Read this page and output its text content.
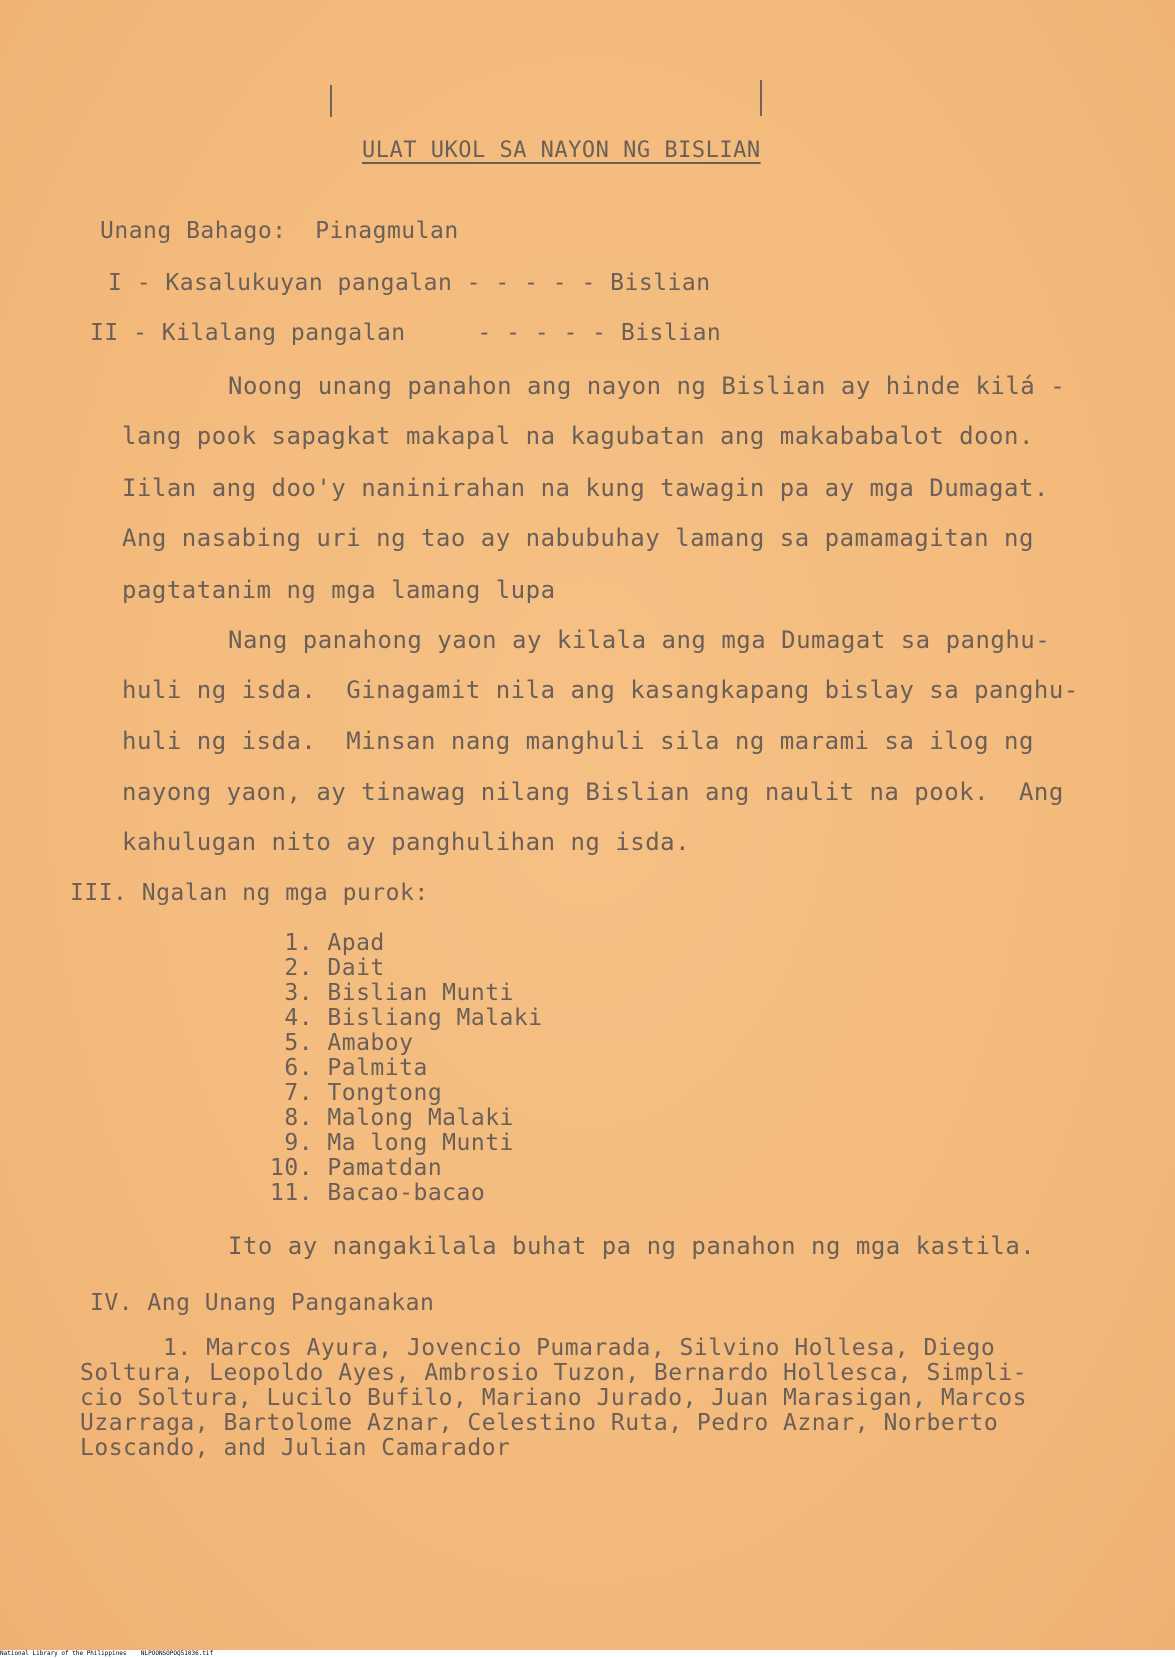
ULAT UKOL SA NAYON NG BISLIAN
Unang Bahago:  Pinagmulan
I - Kasalukuyan pangalan - - - - - Bislian
II - Kilalang pangalan     - - - - - Bislian
Noong unang panahon ang nayon ng Bislian ay hinde kilá -
lang pook sapagkat makapal na kagubatan ang makababalot doon.
Iilan ang doo'y naninirahan na kung tawagin pa ay mga Dumagat.
Ang nasabing uri ng tao ay nabubuhay lamang sa pamamagitan ng
pagtatanim ng mga lamang lupa
Nang panahong yaon ay kilala ang mga Dumagat sa panghu-
huli ng isda.  Ginagamit nila ang kasangkapang bislay sa panghu-
huli ng isda.  Minsan nang manghuli sila ng marami sa ilog ng
nayong yaon, ay tinawag nilang Bislian ang naulit na pook.  Ang
kahulugan nito ay panghulihan ng isda.
III. Ngalan ng mga purok:
1. Apad
2. Dait
3. Bislian Munti
4. Bisliang Malaki
5. Amaboy
6. Palmita
7. Tongtong
8. Malong Malaki
9. Ma long Munti
10. Pamatdan
11. Bacao-bacao
Ito ay nangakilala buhat pa ng panahon ng mga kastila.
IV. Ang Unang Panganakan
1. Marcos Ayura, Jovencio Pumarada, Silvino Hollesa, Diego
Soltura, Leopoldo Ayes, Ambrosio Tuzon, Bernardo Hollesca, Simpli-
cio Soltura, Lucilo Bufilo, Mariano Jurado, Juan Marasigan, Marcos
Uzarraga, Bartolome Aznar, Celestino Ruta, Pedro Aznar, Norberto
Loscando, and Julian Camarador
National Library of the Philippines    NLPOONSOPOQ51036.tif
